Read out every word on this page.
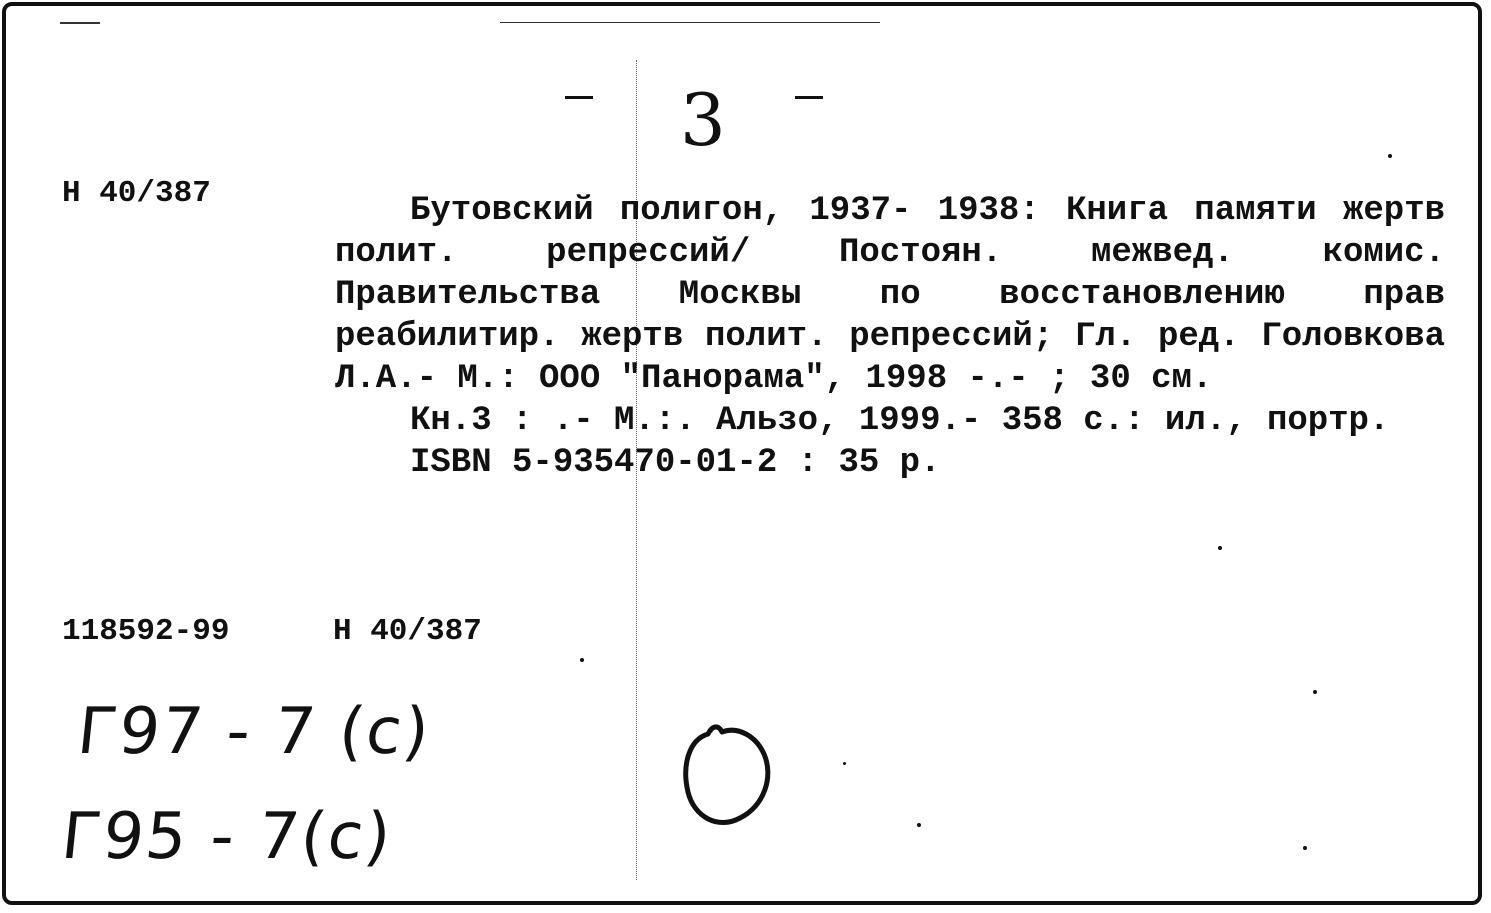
3
Н 40/387	Бутовский полигон, 1937- 1938: Книга памяти жертв полит. репрессий/ Постоян. межвед. комис. Правительства Москвы по восстановлению прав реабилитир. жертв полит. репрессий; Гл. ред. Головкова Л.А.- М.: ООО "Панорама", 1998 -.- ; 30 см.

Кн.3 : .- М.:. Альзо, 1999.- 358 с.: ил., портр.

ISBN 5-935470-01-2 : 35 р.

118592-99	Н 40/387
Г97 - 7 (с)
Г95 - 7(с)
